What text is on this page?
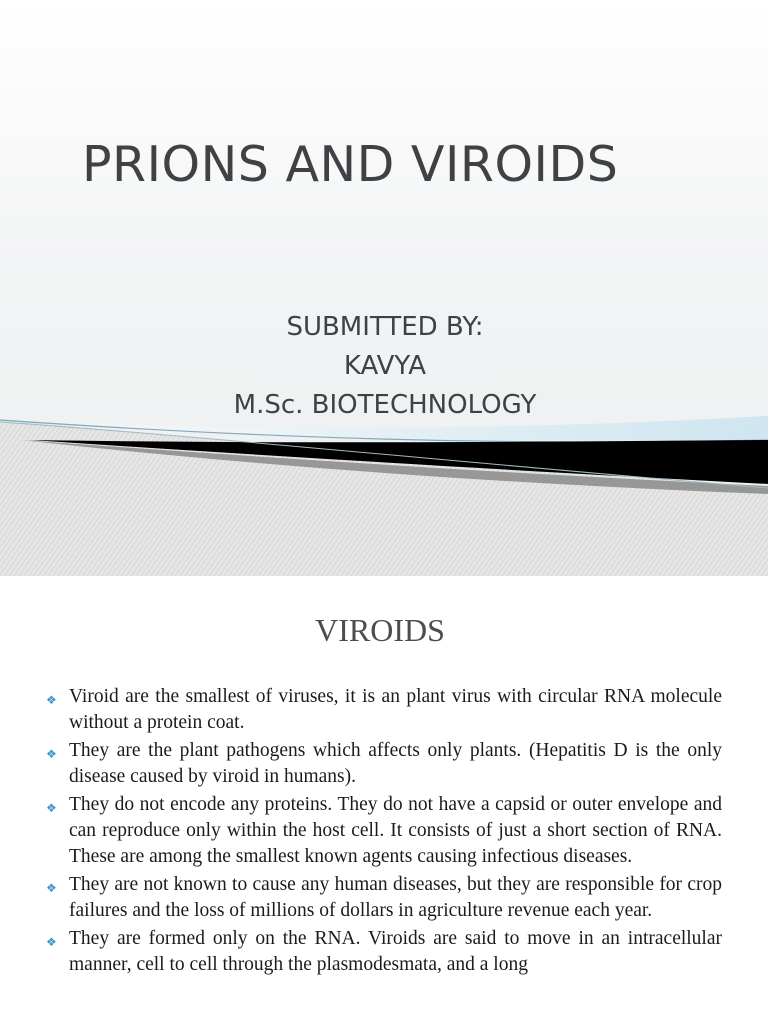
PRIONS AND VIROIDS
SUBMITTED BY:
KAVYA
M.Sc. BIOTECHNOLOGY
VIROIDS
❖ Viroid are the smallest of viruses, it is an plant virus with circular RNA molecule without a protein coat.
❖ They are the plant pathogens which affects only plants. (Hepatitis D is the only disease caused by viroid in humans).
❖ They do not encode any proteins. They do not have a capsid or outer envelope and can reproduce only within the host cell. It consists of just a short section of RNA. These are among the smallest known agents causing infectious diseases.
❖ They are not known to cause any human diseases, but they are responsible for crop failures and the loss of millions of dollars in agriculture revenue each year.
❖ They are formed only on the RNA. Viroids are said to move in an intracellular manner, cell to cell through the plasmodesmata, and a long
